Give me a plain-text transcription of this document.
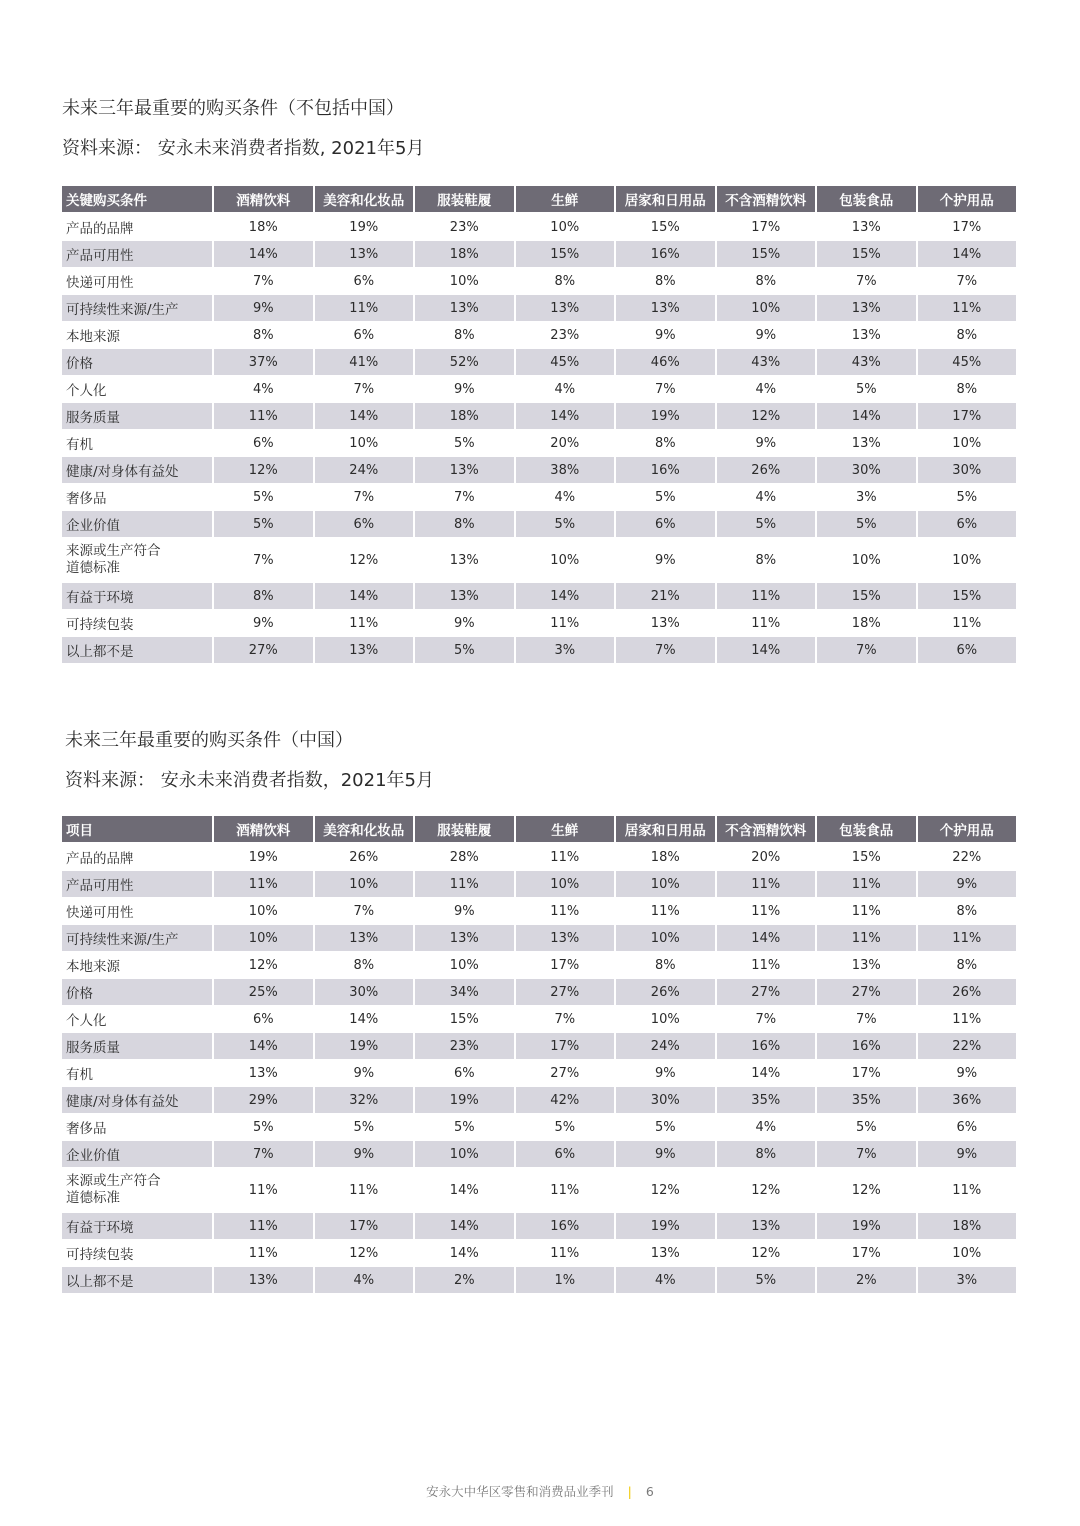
未来三年最重要的购买条件（不包括中国）

资料来源： 安永未来消费者指数, 2021年5月

关键购买条件	酒精饮料	美容和化妆品	服装鞋履	生鲜	居家和日用品	不含酒精饮料	包装食品	个护用品
产品的品牌	18%	19%	23%	10%	15%	17%	13%	17%
产品可用性	14%	13%	18%	15%	16%	15%	15%	14%
快递可用性	7%	6%	10%	8%	8%	8%	7%	7%
可持续性来源/生产	9%	11%	13%	13%	13%	10%	13%	11%
本地来源	8%	6%	8%	23%	9%	9%	13%	8%
价格	37%	41%	52%	45%	46%	43%	43%	45%
个人化	4%	7%	9%	4%	7%	4%	5%	8%
服务质量	11%	14%	18%	14%	19%	12%	14%	17%
有机	6%	10%	5%	20%	8%	9%	13%	10%
健康/对身体有益处	12%	24%	13%	38%	16%	26%	30%	30%
奢侈品	5%	7%	7%	4%	5%	4%	3%	5%
企业价值	5%	6%	8%	5%	6%	5%	5%	6%
来源或生产符合
道德标准	7%	12%	13%	10%	9%	8%	10%	10%
有益于环境	8%	14%	13%	14%	21%	11%	15%	15%
可持续包装	9%	11%	9%	11%	13%	11%	18%	11%
以上都不是	27%	13%	5%	3%	7%	14%	7%	6%

未来三年最重要的购买条件（中国）

资料来源： 安永未来消费者指数，2021年5月

项目	酒精饮料	美容和化妆品	服装鞋履	生鲜	居家和日用品	不含酒精饮料	包装食品	个护用品
产品的品牌	19%	26%	28%	11%	18%	20%	15%	22%
产品可用性	11%	10%	11%	10%	10%	11%	11%	9%
快递可用性	10%	7%	9%	11%	11%	11%	11%	8%
可持续性来源/生产	10%	13%	13%	13%	10%	14%	11%	11%
本地来源	12%	8%	10%	17%	8%	11%	13%	8%
价格	25%	30%	34%	27%	26%	27%	27%	26%
个人化	6%	14%	15%	7%	10%	7%	7%	11%
服务质量	14%	19%	23%	17%	24%	16%	16%	22%
有机	13%	9%	6%	27%	9%	14%	17%	9%
健康/对身体有益处	29%	32%	19%	42%	30%	35%	35%	36%
奢侈品	5%	5%	5%	5%	5%	4%	5%	6%
企业价值	7%	9%	10%	6%	9%	8%	7%	9%
来源或生产符合
道德标准	11%	11%	14%	11%	12%	12%	12%	11%
有益于环境	11%	17%	14%	16%	19%	13%	19%	18%
可持续包装	11%	12%	14%	11%	13%	12%	17%	10%
以上都不是	13%	4%	2%	1%	4%	5%	2%	3%
安永大中华区零售和消费品业季刊 | 6
